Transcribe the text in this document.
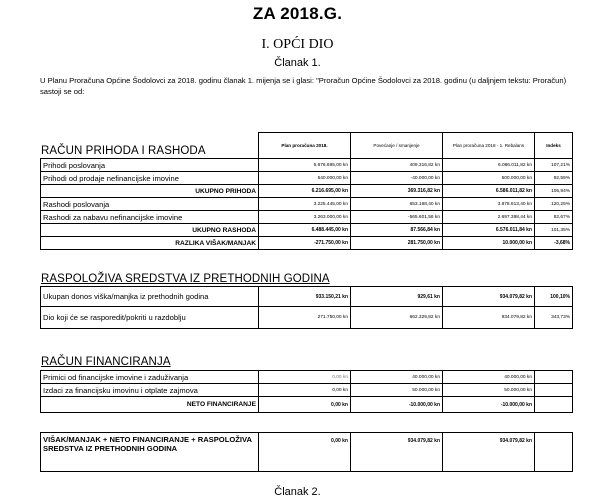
ZA 2018.G.
I. OPĆI DIO
Članak 1.
U Planu Proračuna Općine Šodolovci za 2018. godinu članak 1. mijenja se i glasi: "Proračun Općine Šodolovci za 2018. godinu (u daljnjem tekstu: Proračun) sastoji se od:
RAČUN PRIHODA I RASHODA
		Plan proračuna 2018.	Povećanje / smanjenje	Plan proračuna 2018 - 1. Rebalans	Indeks
Prihodi poslovanja	5.676.695,00 kn	409.316,82 kn	6.086.011,82 kn	107,21%
Prihodi od prodaje nefinancijske imovine	540.000,00 kn	-40.000,00 kn	500.000,00 kn	92,59%
UKUPNO PRIHODA	6.216.695,00 kn	369.316,82 kn	6.586.011,82 kn	105,94%
Rashodi poslovanja	3.225.445,00 kn	653.168,40 kn	3.878.613,40 kn	120,25%
Rashodi za nabavu nefinancijske imovine	3.263.000,00 kn	-565.601,56 kn	2.697.398,44 kn	82,67%
UKUPNO RASHODA	6.488.445,00 kn	87.566,84 kn	6.576.011,84 kn	101,35%
RAZLIKA VIŠAK/MANJAK	-271.750,00 kn	281.750,00 kn	10.000,00 kn	-3,68%
RASPOLOŽIVA SREDSTVA IZ PRETHODNIH GODINA
Ukupan donos viška/manjka iz prethodnih godina	933.150,21 kn	929,61 kn	934.079,82 kn	100,10%
Dio koji će se rasporedit/pokriti u razdoblju	271.750,00 kn	662.329,82 kn	934.079,82 kn	343,73%
RAČUN FINANCIRANJA
Primici od financijske imovine i zaduživanja	0,00 kn	40.000,00 kn	40.000,00 kn	
Izdaci za financijsku imovinu i otplate zajmova	0,00 kn	50.000,00 kn	50.000,00 kn	
NETO FINANCIRANJE	0,00 kn	-10.000,00 kn	-10.000,00 kn	
VIŠAK/MANJAK + NETO FINANCIRANJE + RASPOLOŽIVA SREDSTVA IZ PRETHODNIH GODINA	0,00 kn	934.079,82 kn	934.079,82 kn	
Članak 2.
